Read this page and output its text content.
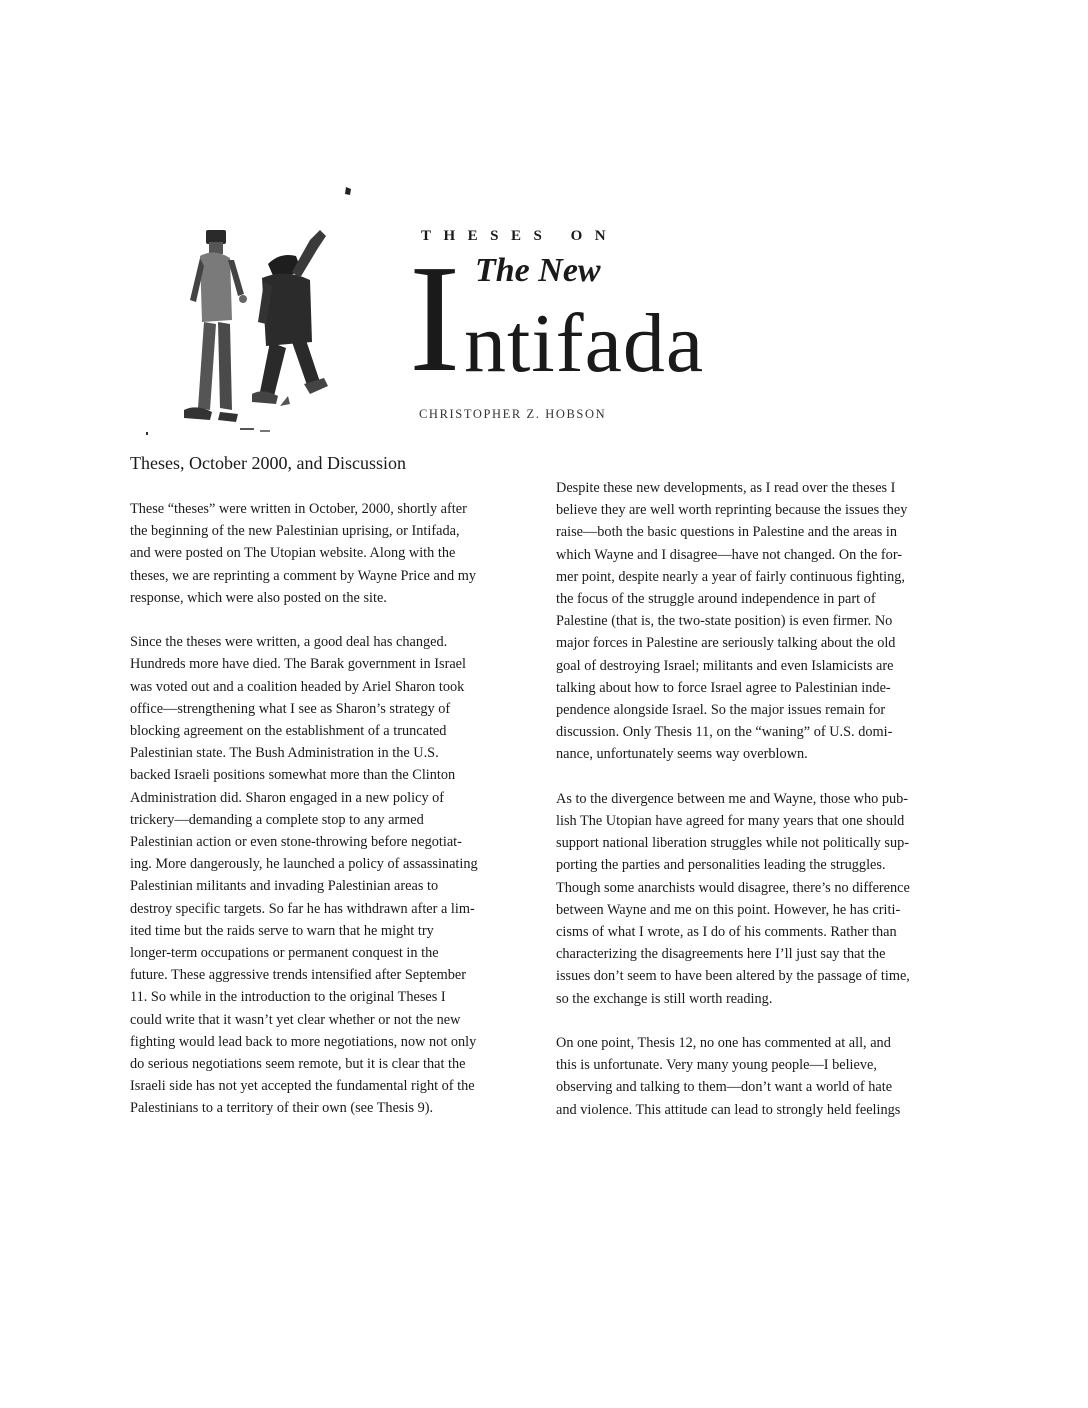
THESES ON
I The New
ntifada
CHRISTOPHER Z. HOBSON
Theses, October 2000, and Discussion

These “theses” were written in October, 2000, shortly after
the beginning of the new Palestinian uprising, or Intifada,
and were posted on The Utopian website. Along with the
theses, we are reprinting a comment by Wayne Price and my
response, which were also posted on the site.

Since the theses were written, a good deal has changed.
Hundreds more have died. The Barak government in Israel
was voted out and a coalition headed by Ariel Sharon took
office—strengthening what I see as Sharon’s strategy of
blocking agreement on the establishment of a truncated
Palestinian state. The Bush Administration in the U.S.
backed Israeli positions somewhat more than the Clinton
Administration did. Sharon engaged in a new policy of
trickery—demanding a complete stop to any armed
Palestinian action or even stone-throwing before negotiat-
ing. More dangerously, he launched a policy of assassinating
Palestinian militants and invading Palestinian areas to
destroy specific targets. So far he has withdrawn after a lim-
ited time but the raids serve to warn that he might try
longer-term occupations or permanent conquest in the
future. These aggressive trends intensified after September
11. So while in the introduction to the original Theses I
could write that it wasn’t yet clear whether or not the new
fighting would lead back to more negotiations, now not only
do serious negotiations seem remote, but it is clear that the
Israeli side has not yet accepted the fundamental right of the
Palestinians to a territory of their own (see Thesis 9).

Despite these new developments, as I read over the theses I
believe they are well worth reprinting because the issues they
raise—both the basic questions in Palestine and the areas in
which Wayne and I disagree—have not changed. On the for-
mer point, despite nearly a year of fairly continuous fighting,
the focus of the struggle around independence in part of
Palestine (that is, the two-state position) is even firmer. No
major forces in Palestine are seriously talking about the old
goal of destroying Israel; militants and even Islamicists are
talking about how to force Israel agree to Palestinian inde-
pendence alongside Israel. So the major issues remain for
discussion. Only Thesis 11, on the “waning” of U.S. domi-
nance, unfortunately seems way overblown.

As to the divergence between me and Wayne, those who pub-
lish The Utopian have agreed for many years that one should
support national liberation struggles while not politically sup-
porting the parties and personalities leading the struggles.
Though some anarchists would disagree, there’s no difference
between Wayne and me on this point. However, he has criti-
cisms of what I wrote, as I do of his comments. Rather than
characterizing the disagreements here I’ll just say that the
issues don’t seem to have been altered by the passage of time,
so the exchange is still worth reading.

On one point, Thesis 12, no one has commented at all, and
this is unfortunate. Very many young people—I believe,
observing and talking to them—don’t want a world of hate
and violence. This attitude can lead to strongly held feelings
